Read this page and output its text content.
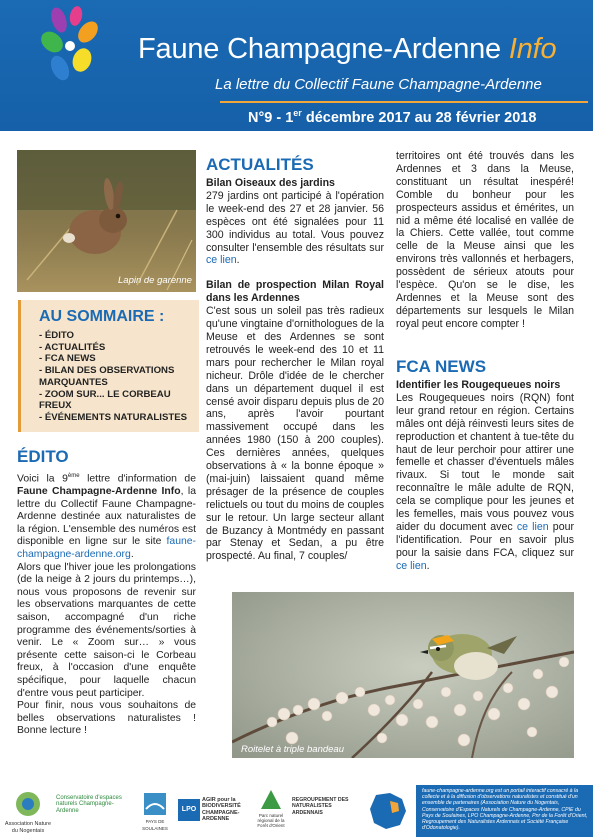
Faune Champagne-Ardenne Info
La lettre du Collectif Faune Champagne-Ardenne
N°9 - 1er décembre 2017 au 28 février 2018
Lapin de garenne
AU SOMMAIRE :
- ÉDITO
- ACTUALITÉS
- FCA NEWS
- BILAN DES OBSERVATIONS MARQUANTES
- ZOOM SUR... LE CORBEAU FREUX
- ÉVÉNEMENTS NATURALISTES
ÉDITO

Voici la 9ème lettre d'information de Faune Champagne-Ardenne Info, la lettre du Collectif Faune Champagne-Ardenne destinée aux naturalistes de la région. L'ensemble des numéros est disponible en ligne sur le site faune-champagne-ardenne.org.

Alors que l'hiver joue les prolongations (de la neige à 2 jours du printemps…), nous vous proposons de revenir sur les observations marquantes de cette saison, accompagné d'un riche programme des événements/sorties à venir. Le « Zoom sur… » vous présente cette saison-ci le Corbeau freux, à l'occasion d'une enquête spécifique, pour laquelle chacun d'entre vous peut participer.

Pour finir, nous vous souhaitons de belles observations naturalistes ! Bonne lecture !

ACTUALITÉS

Bilan Oiseaux des jardins

279 jardins ont participé à l'opération le week-end des 27 et 28 janvier. 56 espèces ont été signalées pour 11 300 individus au total. Vous pouvez consulter l'ensemble des résultats sur ce lien.

Bilan de prospection Milan Royal dans les Ardennes

C'est sous un soleil pas très radieux qu'une vingtaine d'ornithologues de la Meuse et des Ardennes se sont retrouvés le week-end des 10 et 11 mars pour rechercher le Milan royal nicheur. Drôle d'idée de le chercher dans un département duquel il est censé avoir disparu depuis plus de 20 ans, après l'avoir pourtant massivement occupé dans les années 1980 (150 à 200 couples). Ces dernières années, quelques observations à « la bonne époque » (mai-juin) laissaient quand même présager de la présence de couples relictuels ou tout du moins de couples sur le retour. Un large secteur allant de Buzancy à Montmédy en passant par Stenay et Sedan, a pu être prospecté. Au final, 7 couples/

territoires ont été trouvés dans les Ardennes et 3 dans la Meuse, constituant un résultat inespéré! Comble du bonheur pour les prospecteurs assidus et émérites, un nid a même été localisé en vallée de la Chiers. Cette vallée, tout comme celle de la Meuse ainsi que les environs très vallonnés et herbagers, possèdent de sérieux atouts pour l'espèce. Qu'on se le dise, les Ardennes et la Meuse sont des départements sur lesquels le Milan royal peut encore compter !

FCA NEWS

Identifier les Rougequeues noirs

Les Rougequeues noirs (RQN) font leur grand retour en région. Certains mâles ont déjà réinvesti leurs sites de reproduction et chantent à tue-tête du haut de leur perchoir pour attirer une femelle et chasser d'éventuels mâles rivaux. Si tout le monde sait reconnaître le mâle adulte de RQN, cela se complique pour les jeunes et les femelles, mais vous pouvez vous aider du document avec ce lien pour l'identification. Pour en savoir plus pour la saisie dans FCA, cliquez sur ce lien.

Roitelet à triple bandeau
Association Nature du Nogentais
Conservatoire d'espaces naturels Champagne-Ardenne
PAYS DE SOULAINES
LPO
AGIR pour la BIODIVERSITÉ CHAMPAGNE-ARDENNE
Parc naturel régional de la Forêt d'Orient
REGROUPEMENT DES NATURALISTES ARDENNAIS
faune-champagne-ardenne.org est un portail interactif consacré à la collecte et à la diffusion d'observations naturalistes et constitué d'un ensemble de partenaires (Association Nature du Nogentais, Conservatoire d'Espaces Naturels de Champagne-Ardenne, CPIE du Pays de Soulaines, LPO Champagne-Ardenne, Pnr de la Forêt d'Orient, Regroupement des Naturalistes Ardennais et Société Française d'Odonatologie).
